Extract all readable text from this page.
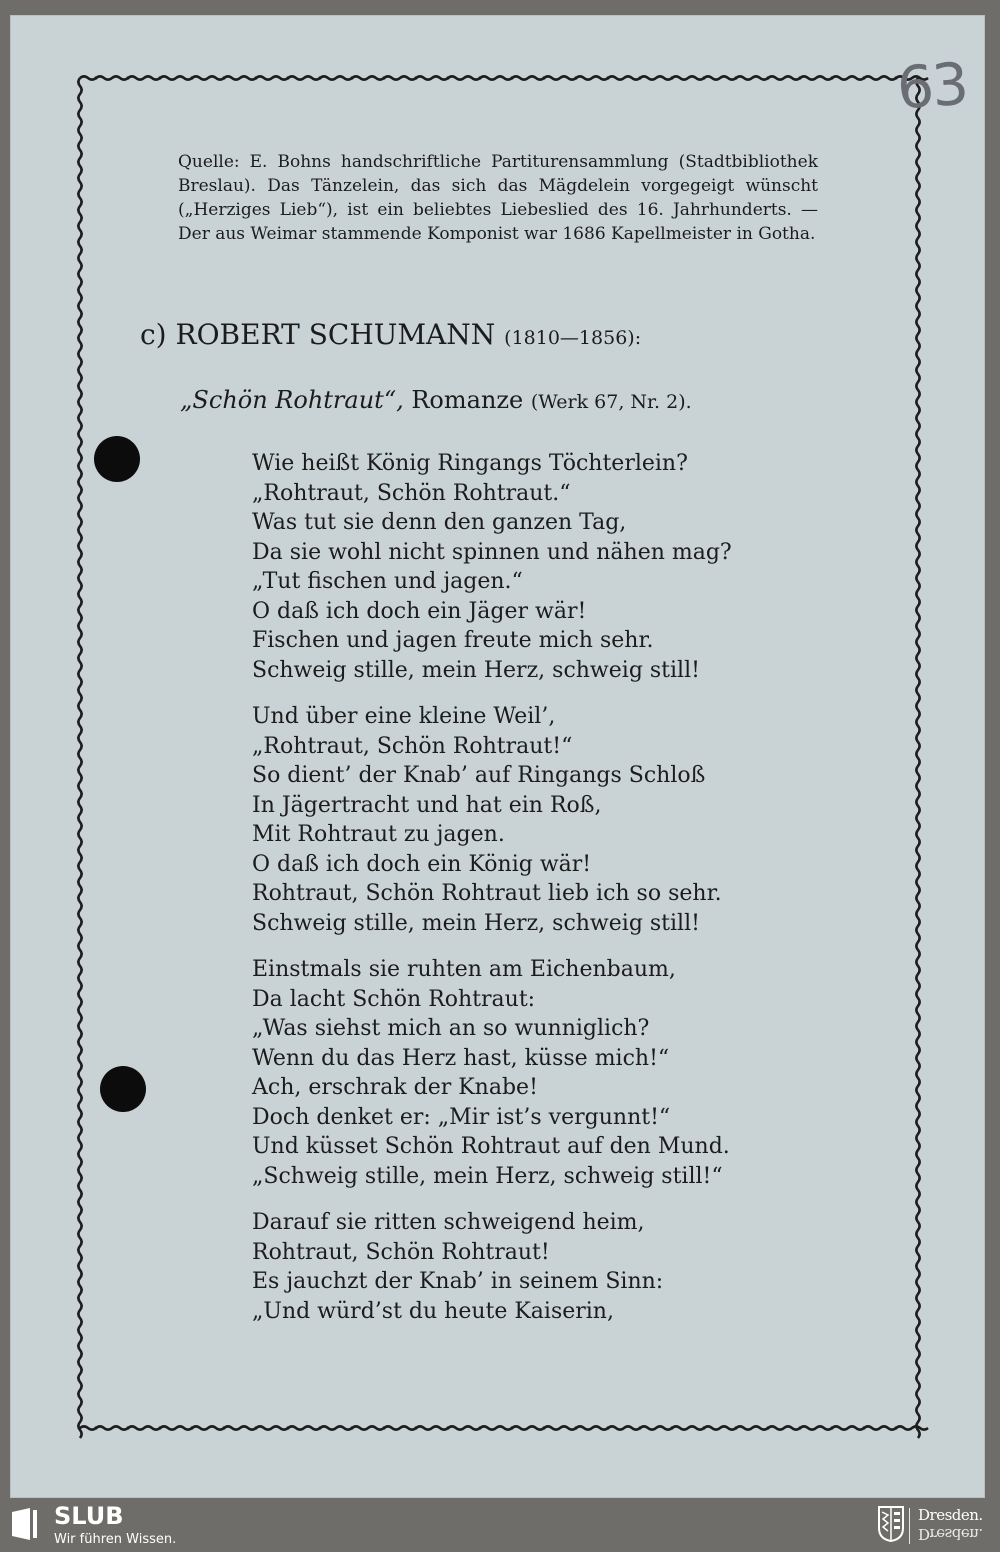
63

Quelle: E. Bohns handschriftliche Partiturensammlung (Stadtbibliothek Breslau). Das Tänzelein, das sich das Mägdelein vorgegeigt wünscht („Herziges Lieb“), ist ein beliebtes Liebeslied des 16. Jahrhunderts. — Der aus Weimar stammende Komponist war 1686 Kapellmeister in Gotha.

c) ROBERT SCHUMANN (1810—1856):
„Schön Rohtraut“, Romanze (Werk 67, Nr. 2).
Wie heißt König Ringangs Töchterlein?
„Rohtraut, Schön Rohtraut.“
Was tut sie denn den ganzen Tag,
Da sie wohl nicht spinnen und nähen mag?
„Tut fischen und jagen.“
O daß ich doch ein Jäger wär!
Fischen und jagen freute mich sehr.
Schweig stille, mein Herz, schweig still!
Und über eine kleine Weil’,
„Rohtraut, Schön Rohtraut!“
So dient’ der Knab’ auf Ringangs Schloß
In Jägertracht und hat ein Roß,
Mit Rohtraut zu jagen.
O daß ich doch ein König wär!
Rohtraut, Schön Rohtraut lieb ich so sehr.
Schweig stille, mein Herz, schweig still!
Einstmals sie ruhten am Eichenbaum,
Da lacht Schön Rohtraut:
„Was siehst mich an so wunniglich?
Wenn du das Herz hast, küsse mich!“
Ach, erschrak der Knabe!
Doch denket er: „Mir ist’s vergunnt!“
Und küsset Schön Rohtraut auf den Mund.
„Schweig stille, mein Herz, schweig still!“
Darauf sie ritten schweigend heim,
Rohtraut, Schön Rohtraut!
Es jauchzt der Knab’ in seinem Sinn:
„Und würd’st du heute Kaiserin,
SLUB
Wir führen Wissen.
Dresden.
Dresden.
